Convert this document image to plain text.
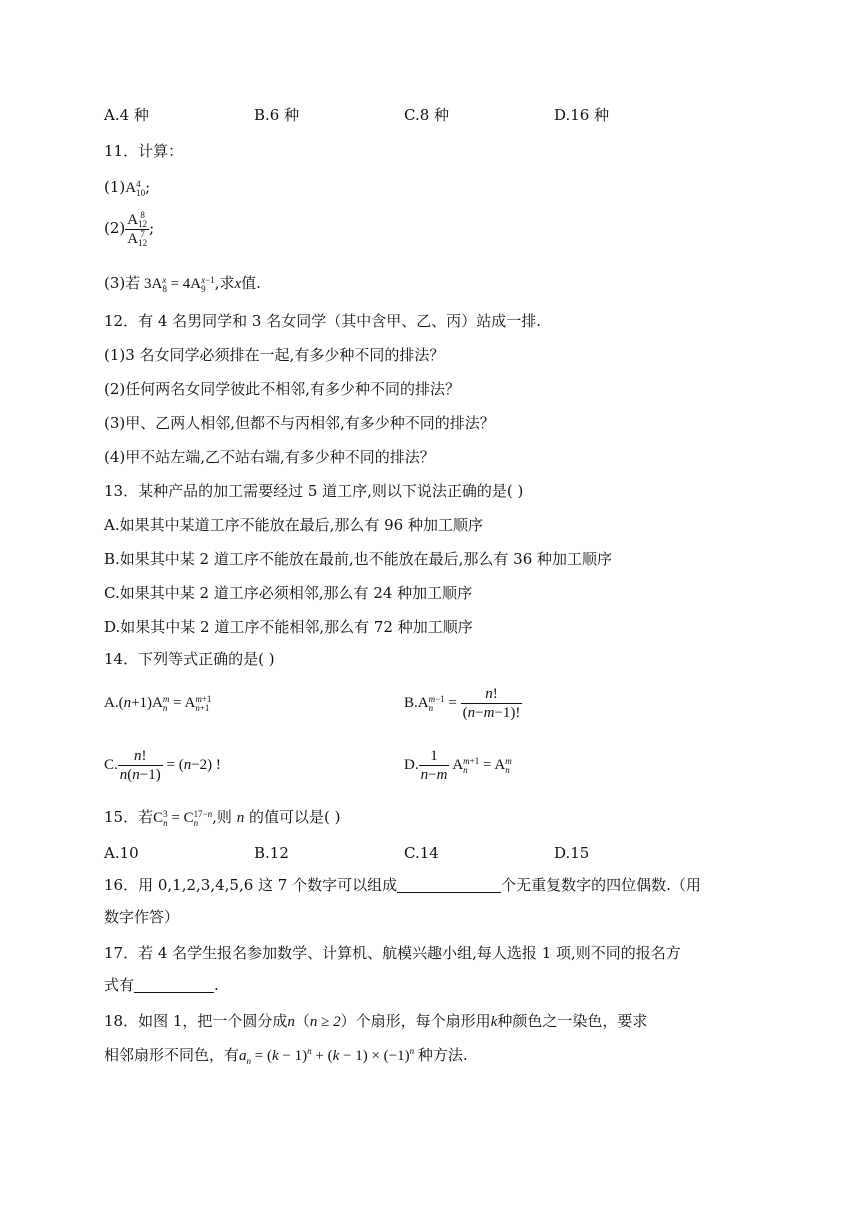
A.4 种	B.6 种	C.8 种	D.16 种
11．计算：
(1)A 4
10 ;
(2) A 8
12
A 7
12 ;
(3)若 3A x
8 = 4A x−1
9 ,求x值.
12．有 4 名男同学和 3 名女同学（其中含甲、乙、丙）站成一排.
(1)3 名女同学必须排在一起,有多少种不同的排法？
(2)任何两名女同学彼此不相邻,有多少种不同的排法？
(3)甲、乙两人相邻,但都不与丙相邻,有多少种不同的排法？
(4)甲不站左端,乙不站右端,有多少种不同的排法？
13．某种产品的加工需要经过 5 道工序,则以下说法正确的是( )
A.如果其中某道工序不能放在最后,那么有 96 种加工顺序
B.如果其中某 2 道工序不能放在最前,也不能放在最后,那么有 36 种加工顺序
C.如果其中某 2 道工序必须相邻,那么有 24 种加工顺序
D.如果其中某 2 道工序不能相邻,那么有 72 种加工顺序
14．下列等式正确的是( )
A.(n+1)A m
n = A m+1
n+1	B.A m−1
$n = \frac{n!}{(n-m-1)!}$
C. $\frac{n!}{n(n-1)} = (n-2)$ !	D. $\frac{1}{n-m}$ A m+1
n = A m
n
15．若C 3
n = C 17−n
n ,则 n 的值可以是( )
A.10	B.12	C.14	D.15
16．用 0,1,2,3,4,5,6 这 7 个数字可以组成	个无重复数字的四位偶数.（用
数字作答）
17．若 4 名学生报名参加数学、计算机、航模兴趣小组,每人选报 1 项,则不同的报名方
式有	.
18．如图 1，把一个圆分成n（n ≥ 2）个扇形，每个扇形用k种颜色之一染色，要求
相邻扇形不同色，有$a_n = (k - 1)^n + (k - 1) \times (-1)^n$ 种方法.
